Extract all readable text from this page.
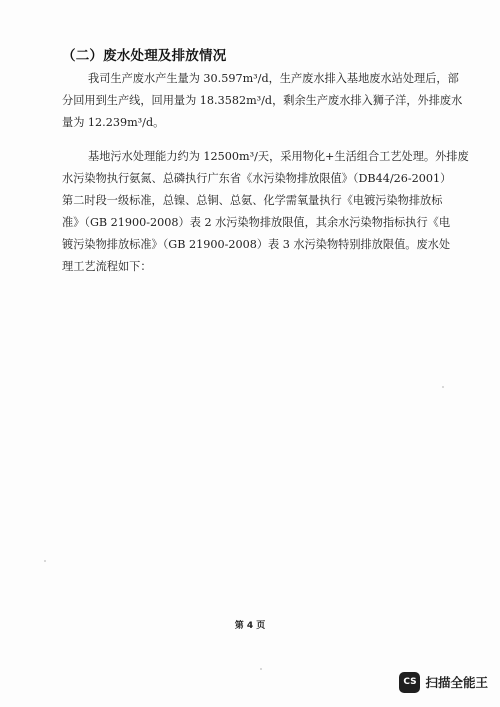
（二）废水处理及排放情况
我司生产废水产生量为 30.597m³/d，生产废水排入基地废水站处理后，部
分回用到生产线，回用量为 18.3582m³/d，剩余生产废水排入狮子洋，外排废水
量为 12.239m³/d。
基地污水处理能力约为 12500m³/天，采用物化+生活组合工艺处理。外排废
水污染物执行氨氮、总磷执行广东省《水污染物排放限值》（DB44/26-2001）
第二时段一级标准，总镍、总铜、总氨、化学需氧量执行《电镀污染物排放标
准》（GB 21900-2008）表 2 水污染物排放限值，其余水污染物指标执行《电
镀污染物排放标准》（GB 21900-2008）表 3 水污染物特别排放限值。废水处
理工艺流程如下：
第 4 页
CS 扫描全能王
